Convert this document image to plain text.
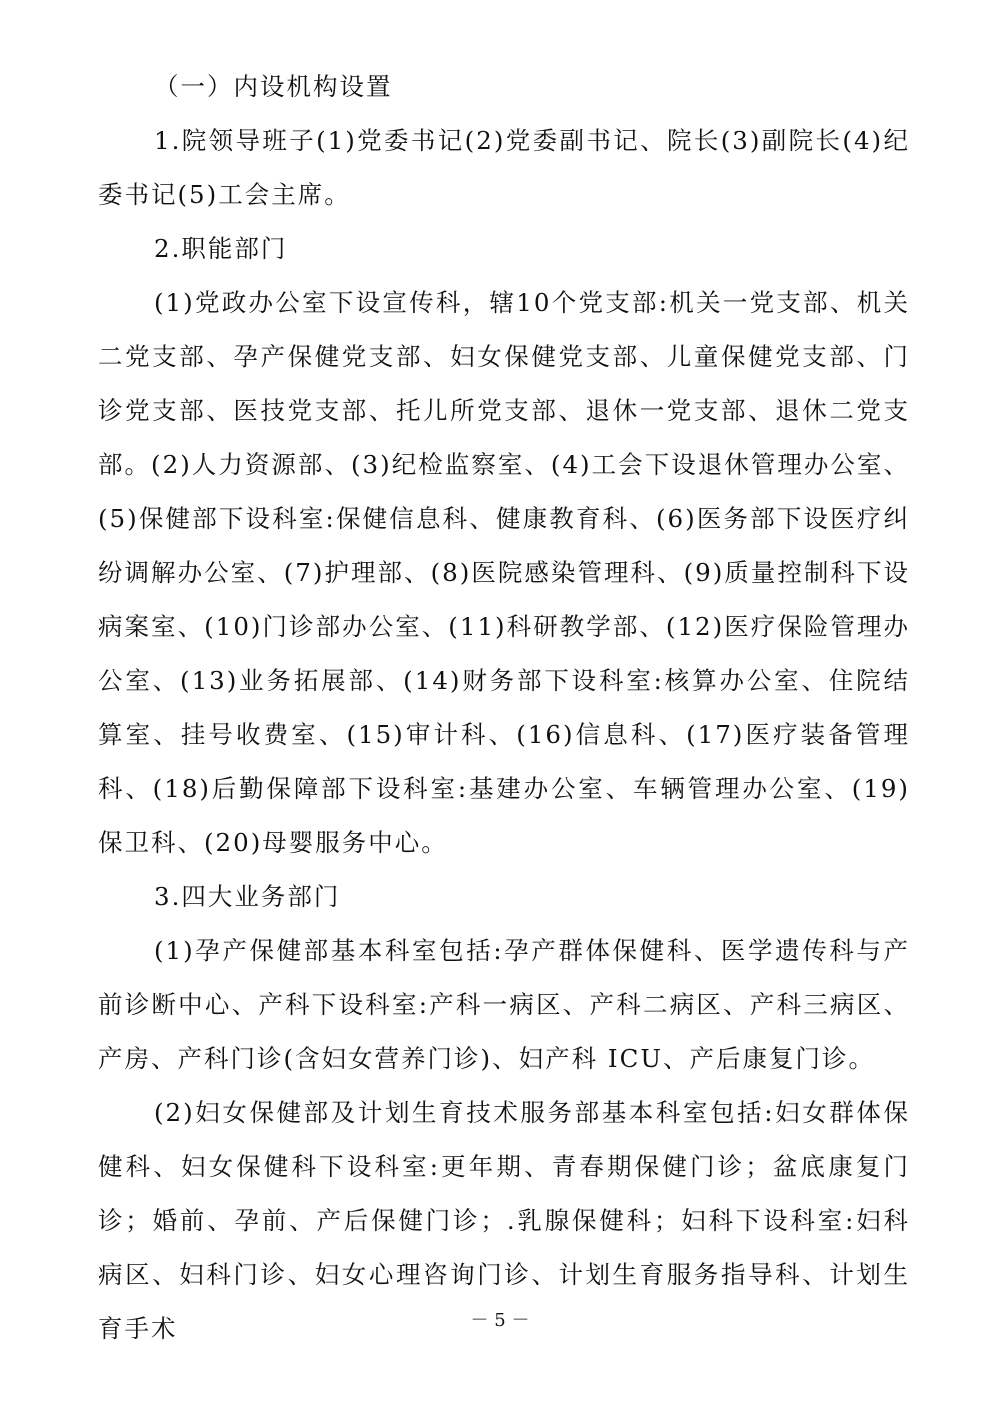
（一）内设机构设置

1.院领导班子(1)党委书记(2)党委副书记、院长(3)副院长(4)纪委书记(5)工会主席。

2.职能部门

(1)党政办公室下设宣传科，辖10个党支部:机关一党支部、机关二党支部、孕产保健党支部、妇女保健党支部、儿童保健党支部、门诊党支部、医技党支部、托儿所党支部、退休一党支部、退休二党支部。(2)人力资源部、(3)纪检监察室、(4)工会下设退休管理办公室、(5)保健部下设科室:保健信息科、健康教育科、(6)医务部下设医疗纠纷调解办公室、(7)护理部、(8)医院感染管理科、(9)质量控制科下设病案室、(10)门诊部办公室、(11)科研教学部、(12)医疗保险管理办公室、(13)业务拓展部、(14)财务部下设科室:核算办公室、住院结算室、挂号收费室、(15)审计科、(16)信息科、(17)医疗装备管理科、(18)后勤保障部下设科室:基建办公室、车辆管理办公室、(19)保卫科、(20)母婴服务中心。

3.四大业务部门

(1)孕产保健部基本科室包括:孕产群体保健科、医学遗传科与产前诊断中心、产科下设科室:产科一病区、产科二病区、产科三病区、产房、产科门诊(含妇女营养门诊)、妇产科 ICU、产后康复门诊。

(2)妇女保健部及计划生育技术服务部基本科室包括:妇女群体保健科、妇女保健科下设科室:更年期、青春期保健门诊；盆底康复门诊；婚前、孕前、产后保健门诊；.乳腺保健科；妇科下设科室:妇科病区、妇科门诊、妇女心理咨询门诊、计划生育服务指导科、计划生育手术	－ 5 －
